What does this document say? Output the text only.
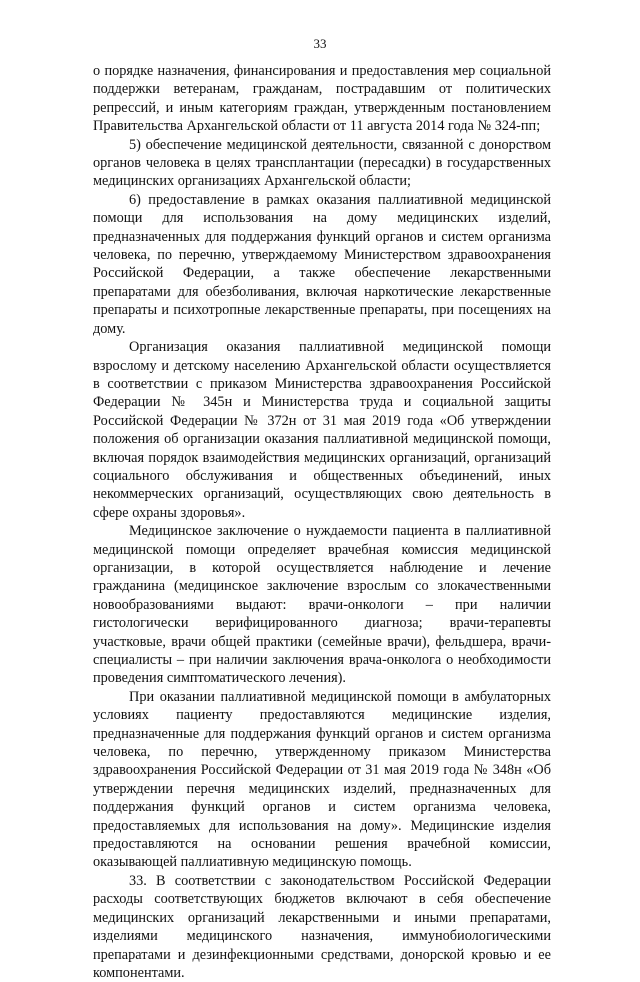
33

о порядке назначения, финансирования и предоставления мер социальной поддержки ветеранам, гражданам, пострадавшим от политических репрессий, и иным категориям граждан, утвержденным постановлением Правительства Архангельской области от 11 августа 2014 года № 324-пп;

5) обеспечение медицинской деятельности, связанной с донорством органов человека в целях трансплантации (пересадки) в государственных медицинских организациях Архангельской области;

6) предоставление в рамках оказания паллиативной медицинской помощи для использования на дому медицинских изделий, предназначенных для поддержания функций органов и систем организма человека, по перечню, утверждаемому Министерством здравоохранения Российской Федерации, а также обеспечение лекарственными препаратами для обезболивания, включая наркотические лекарственные препараты и психотропные лекарственные препараты, при посещениях на дому.

Организация оказания паллиативной медицинской помощи взрослому и детскому населению Архангельской области осуществляется в соответствии с приказом Министерства здравоохранения Российской Федерации № 345н и Министерства труда и социальной защиты Российской Федерации № 372н от 31 мая 2019 года «Об утверждении положения об организации оказания паллиативной медицинской помощи, включая порядок взаимодействия медицинских организаций, организаций социального обслуживания и общественных объединений, иных некоммерческих организаций, осуществляющих свою деятельность в сфере охраны здоровья».

Медицинское заключение о нуждаемости пациента в паллиативной медицинской помощи определяет врачебная комиссия медицинской организации, в которой осуществляется наблюдение и лечение гражданина (медицинское заключение взрослым со злокачественными новообразованиями выдают: врачи-онкологи – при наличии гистологически верифицированного диагноза; врачи-терапевты участковые, врачи общей практики (семейные врачи), фельдшера, врачи-специалисты – при наличии заключения врача-онколога о необходимости проведения симптоматического лечения).

При оказании паллиативной медицинской помощи в амбулаторных условиях пациенту предоставляются медицинские изделия, предназначенные для поддержания функций органов и систем организма человека, по перечню, утвержденному приказом Министерства здравоохранения Российской Федерации от 31 мая 2019 года № 348н «Об утверждении перечня медицинских изделий, предназначенных для поддержания функций органов и систем организма человека, предоставляемых для использования на дому». Медицинские изделия предоставляются на основании решения врачебной комиссии, оказывающей паллиативную медицинскую помощь.

33. В соответствии с законодательством Российской Федерации расходы соответствующих бюджетов включают в себя обеспечение медицинских организаций лекарственными и иными препаратами, изделиями медицинского назначения, иммунобиологическими препаратами и дезинфекционными средствами, донорской кровью и ее компонентами.
